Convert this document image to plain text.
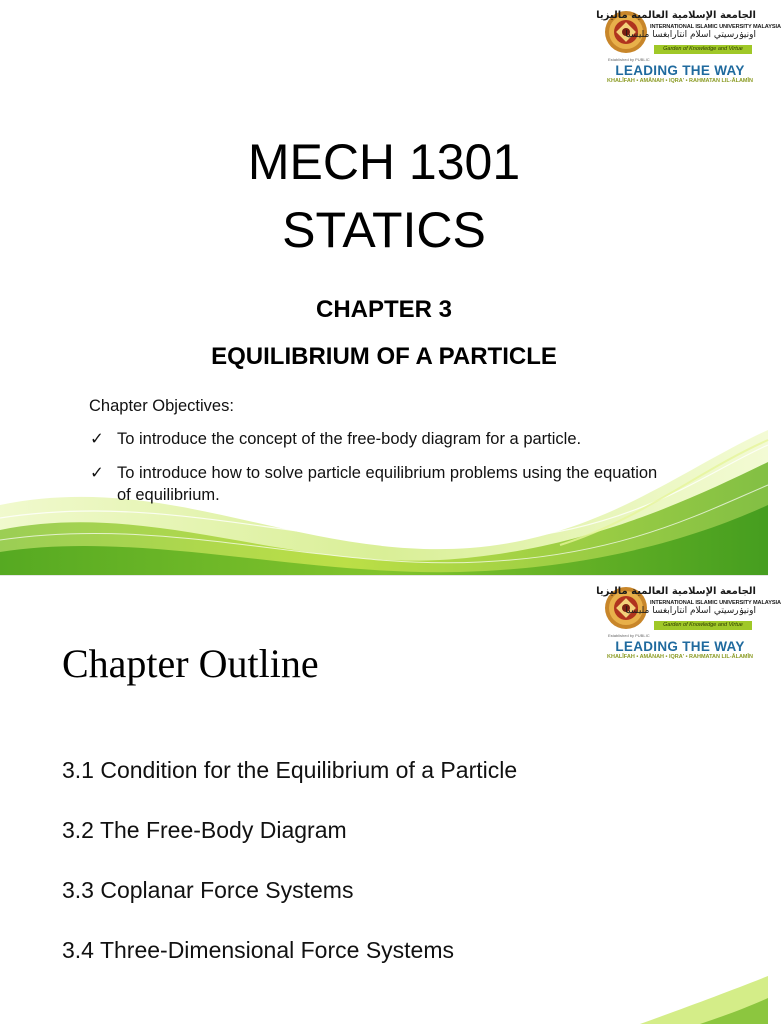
الجامعة الإسلامية العالمية ماليزيا
INTERNATIONAL ISLAMIC UNIVERSITY MALAYSIA
اونيۏرسيتي اسلام انتارابغسا مليسيا
Garden of Knowledge and Virtue
Established by PUBLIC
LEADING THE WAY
KHALĪFAH • AMĀNAH • IQRA' • RAHMATAN LIL-ĀLAMĪN
MECH 1301
STATICS
CHAPTER 3
EQUILIBRIUM OF A PARTICLE
Chapter Objectives:
✓ To introduce the concept of the free-body diagram for a particle.
✓ To introduce how to solve particle equilibrium problems using the equation of equilibrium.
الجامعة الإسلامية العالمية ماليزيا
INTERNATIONAL ISLAMIC UNIVERSITY MALAYSIA
اونيۏرسيتي اسلام انتارابغسا مليسيا
Garden of Knowledge and Virtue
Established by PUBLIC
LEADING THE WAY
KHALĪFAH • AMĀNAH • IQRA' • RAHMATAN LIL-ĀLAMĪN
Chapter Outline
3.1 Condition for the Equilibrium of a Particle
3.2 The Free-Body Diagram
3.3 Coplanar Force Systems
3.4 Three-Dimensional Force Systems
